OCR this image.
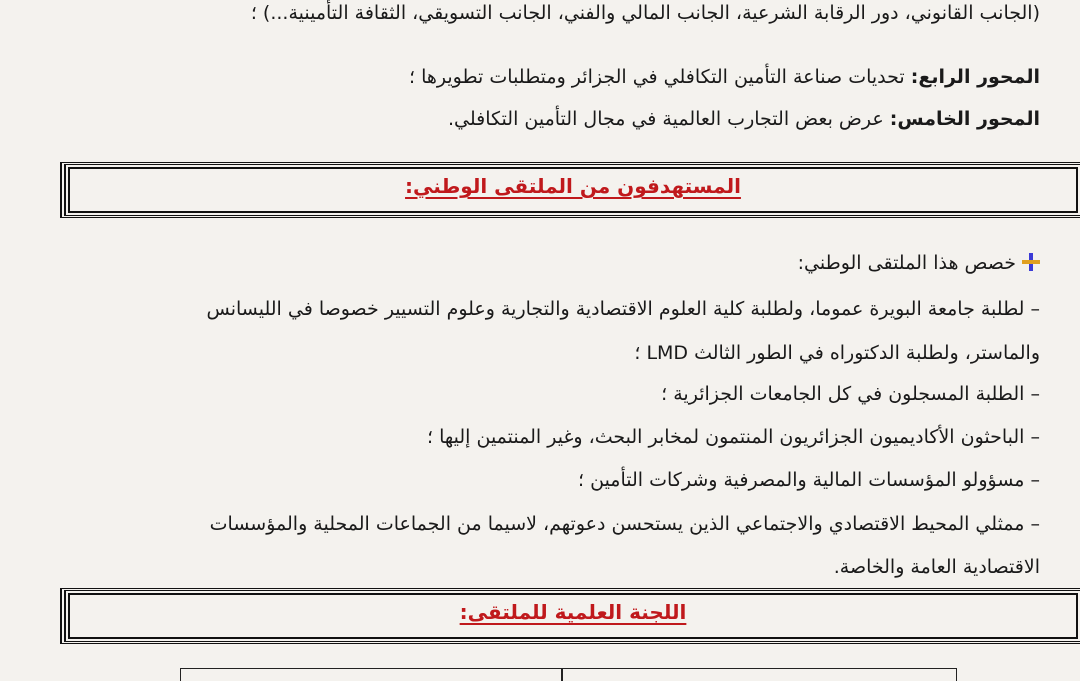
(الجانب القانوني، دور الرقابة الشرعية، الجانب المالي والفني، الجانب التسويقي، الثقافة التأمينية...) ؛
المحور الرابع: تحديات صناعة التأمين التكافلي في الجزائر ومتطلبات تطويرها ؛
المحور الخامس: عرض بعض التجارب العالمية في مجال التأمين التكافلي.
المستهدفون من الملتقى الوطني:
خصص هذا الملتقى الوطني:
– لطلبة جامعة البويرة عموما، ولطلبة كلية العلوم الاقتصادية والتجارية وعلوم التسيير خصوصا في الليسانس
والماستر، ولطلبة الدكتوراه في الطور الثالث LMD ؛
– الطلبة المسجلون في كل الجامعات الجزائرية ؛
– الباحثون الأكاديميون الجزائريون المنتمون لمخابر البحث، وغير المنتمين إليها ؛
– مسؤولو المؤسسات المالية والمصرفية وشركات التأمين ؛
– ممثلي المحيط الاقتصادي والاجتماعي الذين يستحسن دعوتهم، لاسيما من الجماعات المحلية والمؤسسات
الاقتصادية العامة والخاصة.
اللجنة العلمية للملتقى:
